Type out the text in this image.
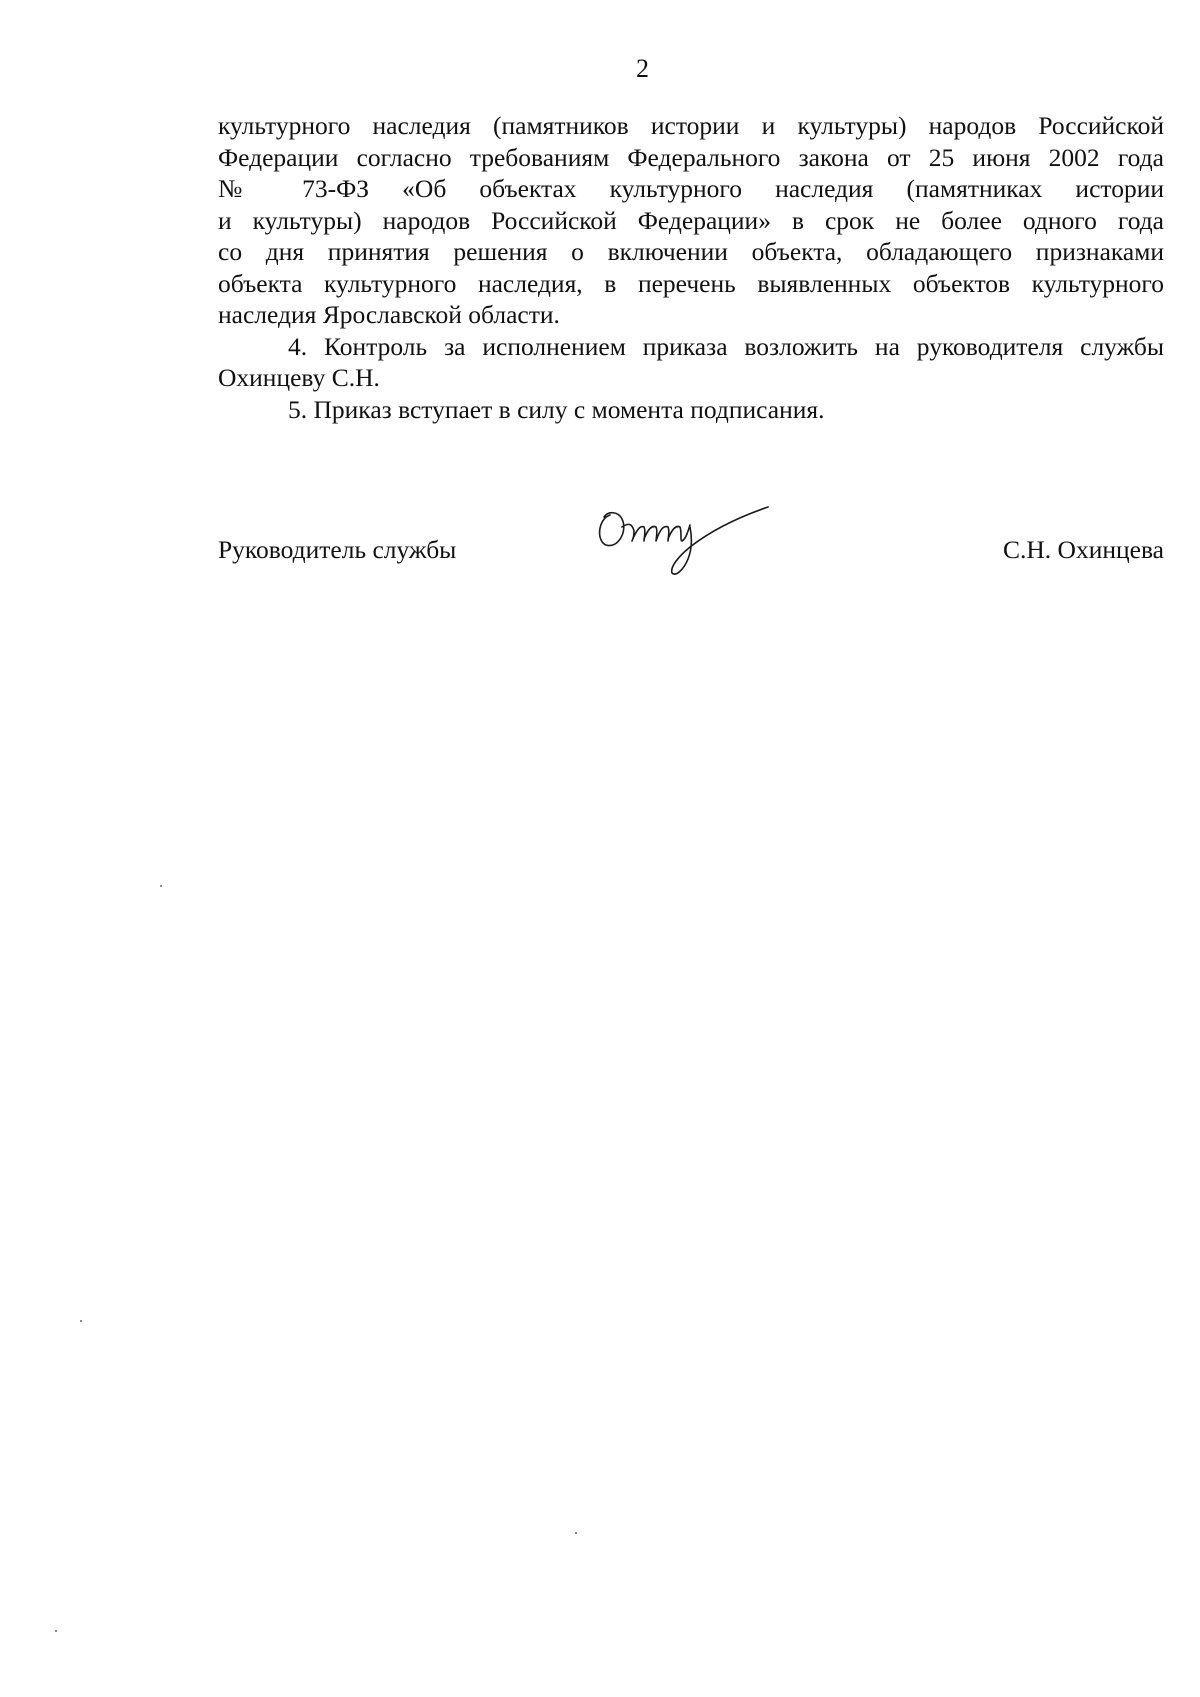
2

культурного наследия (памятников истории и культуры) народов Российской
Федерации согласно требованиям Федерального закона от 25 июня 2002 года
№ 73-ФЗ «Об объектах культурного наследия (памятниках истории
и культуры) народов Российской Федерации» в срок не более одного года
со дня принятия решения о включении объекта, обладающего признаками
объекта культурного наследия, в перечень выявленных объектов культурного
наследия Ярославской области.

4. Контроль за исполнением приказа возложить на руководителя службы
Охинцеву С.Н.

5. Приказ вступает в силу с момента подписания.

Руководитель службы	С.Н. Охинцева
